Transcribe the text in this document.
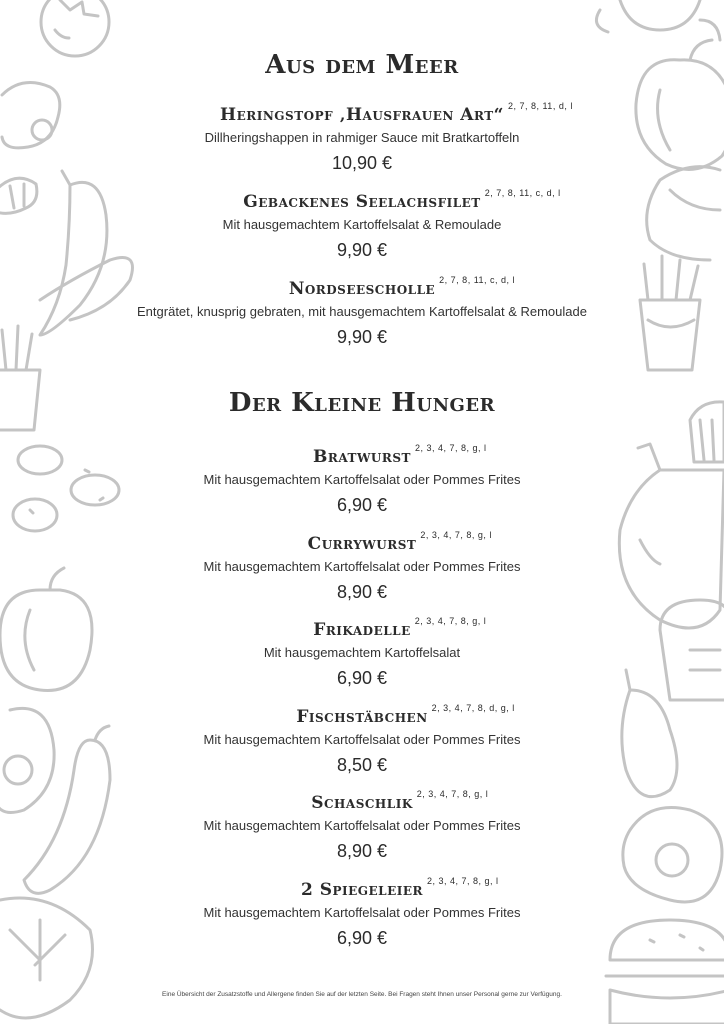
Aus dem Meer
Heringstopf ‚Hausfrauen Art“ 2, 7, 8, 11, d, l
Dillheringshappen in rahmiger Sauce mit Bratkartoffeln
10,90 €
Gebackenes Seelachsfilet 2, 7, 8, 11, c, d, l
Mit hausgemachtem Kartoffelsalat & Remoulade
9,90 €
Nordseescholle 2, 7, 8, 11, c, d, l
Entgrätet, knusprig gebraten, mit hausgemachtem Kartoffelsalat & Remoulade
9,90 €
Der Kleine Hunger
Bratwurst 2, 3, 4, 7, 8, g, l
Mit hausgemachtem Kartoffelsalat oder Pommes Frites
6,90 €
Currywurst 2, 3, 4, 7, 8, g, l
Mit hausgemachtem Kartoffelsalat oder Pommes Frites
8,90 €
Frikadelle 2, 3, 4, 7, 8, g, l
Mit hausgemachtem Kartoffelsalat
6,90 €
Fischstäbchen 2, 3, 4, 7, 8, d, g, l
Mit hausgemachtem Kartoffelsalat oder Pommes Frites
8,50 €
Schaschlik 2, 3, 4, 7, 8, g, l
Mit hausgemachtem Kartoffelsalat oder Pommes Frites
8,90 €
2 Spiegeleier 2, 3, 4, 7, 8, g, l
Mit hausgemachtem Kartoffelsalat oder Pommes Frites
6,90 €
Eine Übersicht der Zusatzstoffe und Allergene finden Sie auf der letzten Seite. Bei Fragen steht Ihnen unser Personal gerne zur Verfügung.
